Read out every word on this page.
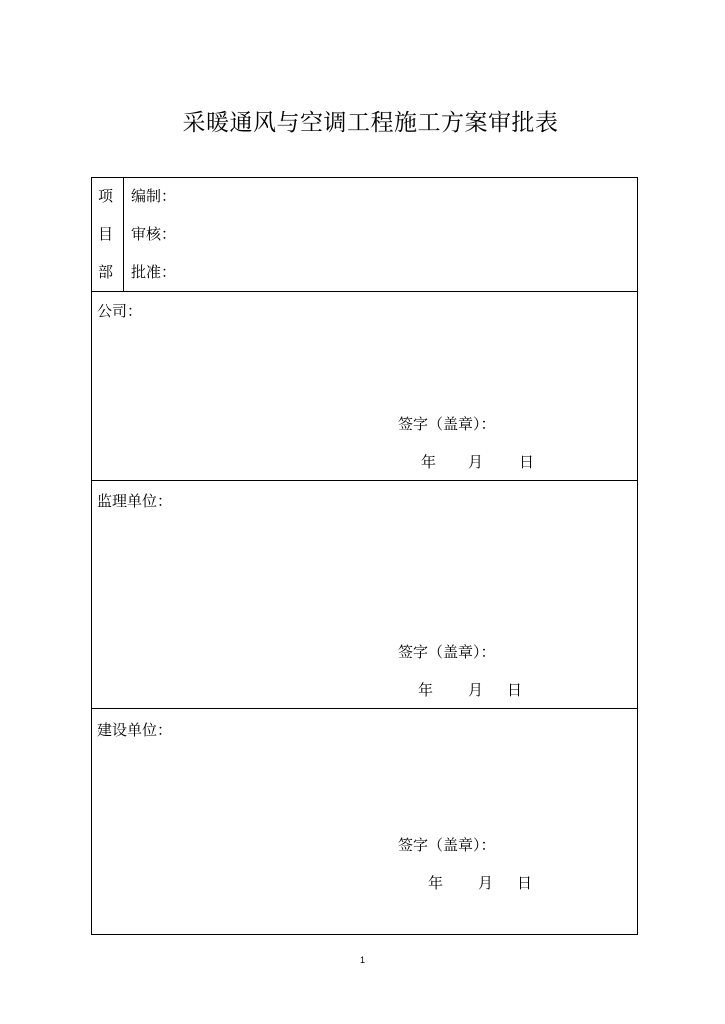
采暖通风与空调工程施工方案审批表
项
目
部
编制：
审核：
批准：
公司：
签字（盖章）：
年 月 日
监理单位：
签字（盖章）：
年 月 日
建设单位：
签字（盖章）：
年 月 日
1
